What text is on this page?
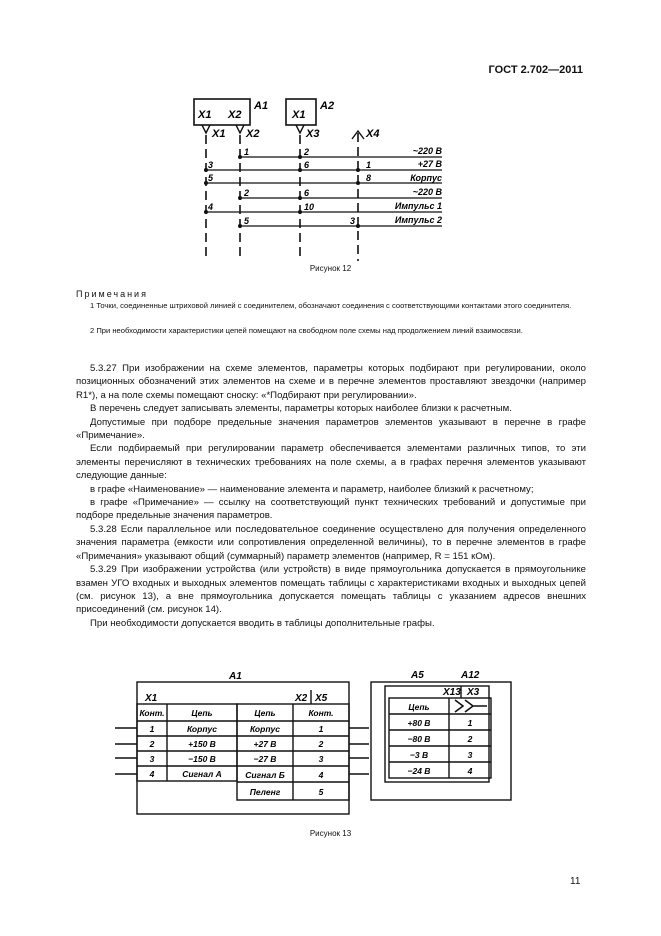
ГОСТ 2.702—2011
X1 X2	X1
A1	A2
X1 X2	X3	X4
1
3
5
2
4
5
2
6
6
10
1
8
3
~220 В
+27 В
Корпус
~220 В
Импульс 1
Импульс 2
Рисунок 12
Примечания
1 Точки, соединенные штриховой линией с соединителем, обозначают соединения с соответствующими контактами этого соединителя.
2 При необходимости характеристики цепей помещают на свободном поле схемы над продолжением линий взаимосвязи.

5.3.27 При изображении на схеме элементов, параметры которых подбирают при регулировании, около позиционных обозначений этих элементов на схеме и в перечне элементов проставляют звездочки (например R1*), а на поле схемы помещают сноску: «*Подбирают при регулировании».

В перечень следует записывать элементы, параметры которых наиболее близки к расчетным.

Допустимые при подборе предельные значения параметров элементов указывают в перечне в графе «Примечание».

Если подбираемый при регулировании параметр обеспечивается элементами различных типов, то эти элементы перечисляют в технических требованиях на поле схемы, а в графах перечня элементов указывают следующие данные:

в графе «Наименование» — наименование элемента и параметр, наиболее близкий к расчетному;

в графе «Примечание» — ссылку на соответствующий пункт технических требований и допустимые при подборе предельные значения параметров.

5.3.28 Если параллельное или последовательное соединение осуществлено для получения определенного значения параметра (емкости или сопротивления определенной величины), то в перечне элементов в графе «Примечания» указывают общий (суммарный) параметр элементов (например, R = 151 кОм).

5.3.29 При изображении устройства (или устройств) в виде прямоугольника допускается в прямоугольнике взамен УГО входных и выходных элементов помещать таблицы с характеристиками входных и выходных цепей (см. рисунок 13), а вне прямоугольника допускается помещать таблицы с указанием адресов внешних присоединений (см. рисунок 14).

При необходимости допускается вводить в таблицы дополнительные графы.

A1
X1	X2 X5
A5	A12
X13 X3
Конт.	Цепь
1	Корпус
2	+150 В
3	−150 В
4	Сигнал А
Цепь	Конт.
Корпус	1
+27 В	2
−27 В	3
Сигнал Б	4
Пеленг	5
Цепь
+80 В	1
−80 В	2
−3 В	3
−24 В	4
Рисунок 13
11
